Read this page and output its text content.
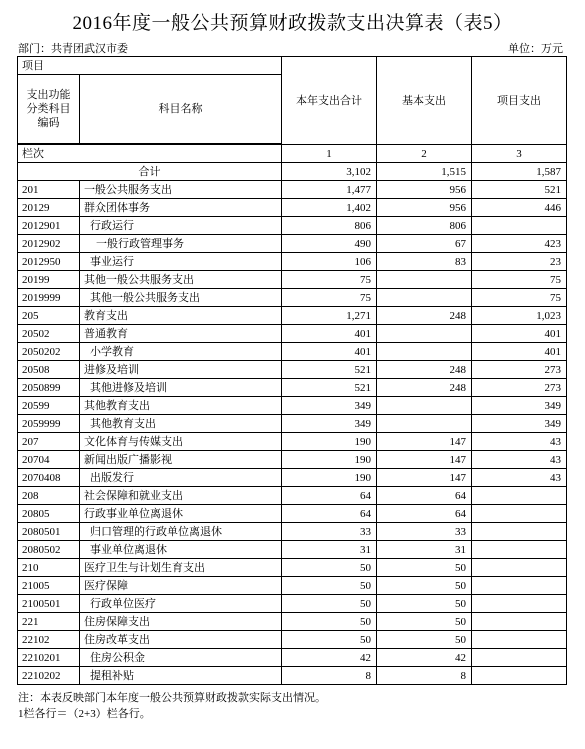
2016年度一般公共预算财政拨款支出决算表（表5）
部门：共青团武汉市委	单位：万元
项目		本年支出合计	基本支出	项目支出
支出功能分类科目编码	科目名称			

栏次		1	2	3
合计		3,102	1,515	1,587
201	一般公共服务支出	1,477	956	521
20129	群众团体事务	1,402	956	446
2012901	行政运行	806	806	
2012902	一般行政管理事务	490	67	423
2012950	事业运行	106	83	23
20199	其他一般公共服务支出	75		75
2019999	其他一般公共服务支出	75		75
205	教育支出	1,271	248	1,023
20502	普通教育	401		401
2050202	小学教育	401		401
20508	进修及培训	521	248	273
2050899	其他进修及培训	521	248	273
20599	其他教育支出	349		349
2059999	其他教育支出	349		349
207	文化体育与传媒支出	190	147	43
20704	新闻出版广播影视	190	147	43
2070408	出版发行	190	147	43
208	社会保障和就业支出	64	64	
20805	行政事业单位离退休	64	64	
2080501	归口管理的行政单位离退休	33	33	
2080502	事业单位离退休	31	31	
210	医疗卫生与计划生育支出	50	50	
21005	医疗保障	50	50	
2100501	行政单位医疗	50	50	
221	住房保障支出	50	50	
22102	住房改革支出	50	50	
2210201	住房公积金	42	42	
2210202	提租补贴	8	8	
注：本表反映部门本年度一般公共预算财政拨款实际支出情况。
1栏各行＝（2+3）栏各行。
